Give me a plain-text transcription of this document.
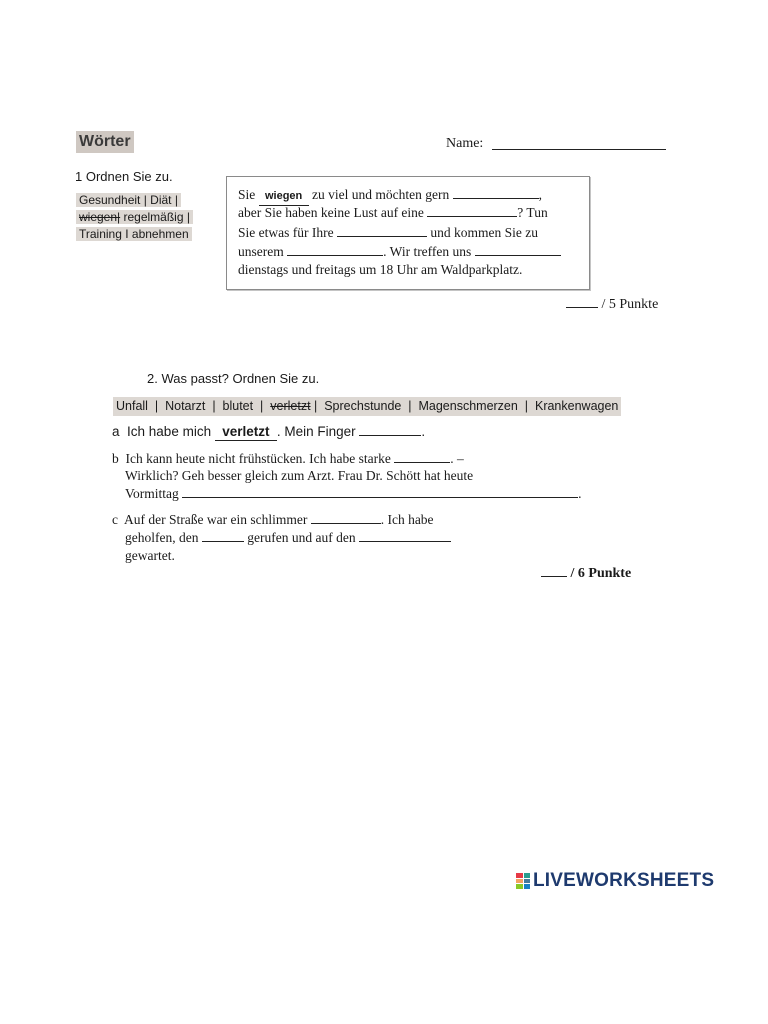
Wörter	Name:
1 Ordnen Sie zu.
Gesundheit | Diät |
wiegen| regelmäßig |
Training I abnehmen
Sie wiegen zu viel und möchten gern	,
aber Sie haben keine Lust auf eine	? Tun
Sie etwas für Ihre	und kommen Sie zu
unserem	. Wir treffen uns
dienstags und freitags um 18 Uhr am Waldparkplatz.
/ 5 Punkte
2. Was passt? Ordnen Sie zu.
Unfall  |  Notarzt  |  blutet  |  verletzt |  Sprechstunde  |  Magenschmerzen  |  Krankenwagen
a Ich habe mich verletzt . Mein Finger	.
b Ich kann heute nicht frühstücken. Ich habe starke	. –
Wirklich? Geh besser gleich zum Arzt. Frau Dr. Schött hat heute
Vormittag	.
c Auf der Straße war ein schlimmer	. Ich habe
geholfen, den	gerufen und auf den
gewartet.
/ 6 Punkte
LIVEWORKSHEETS
